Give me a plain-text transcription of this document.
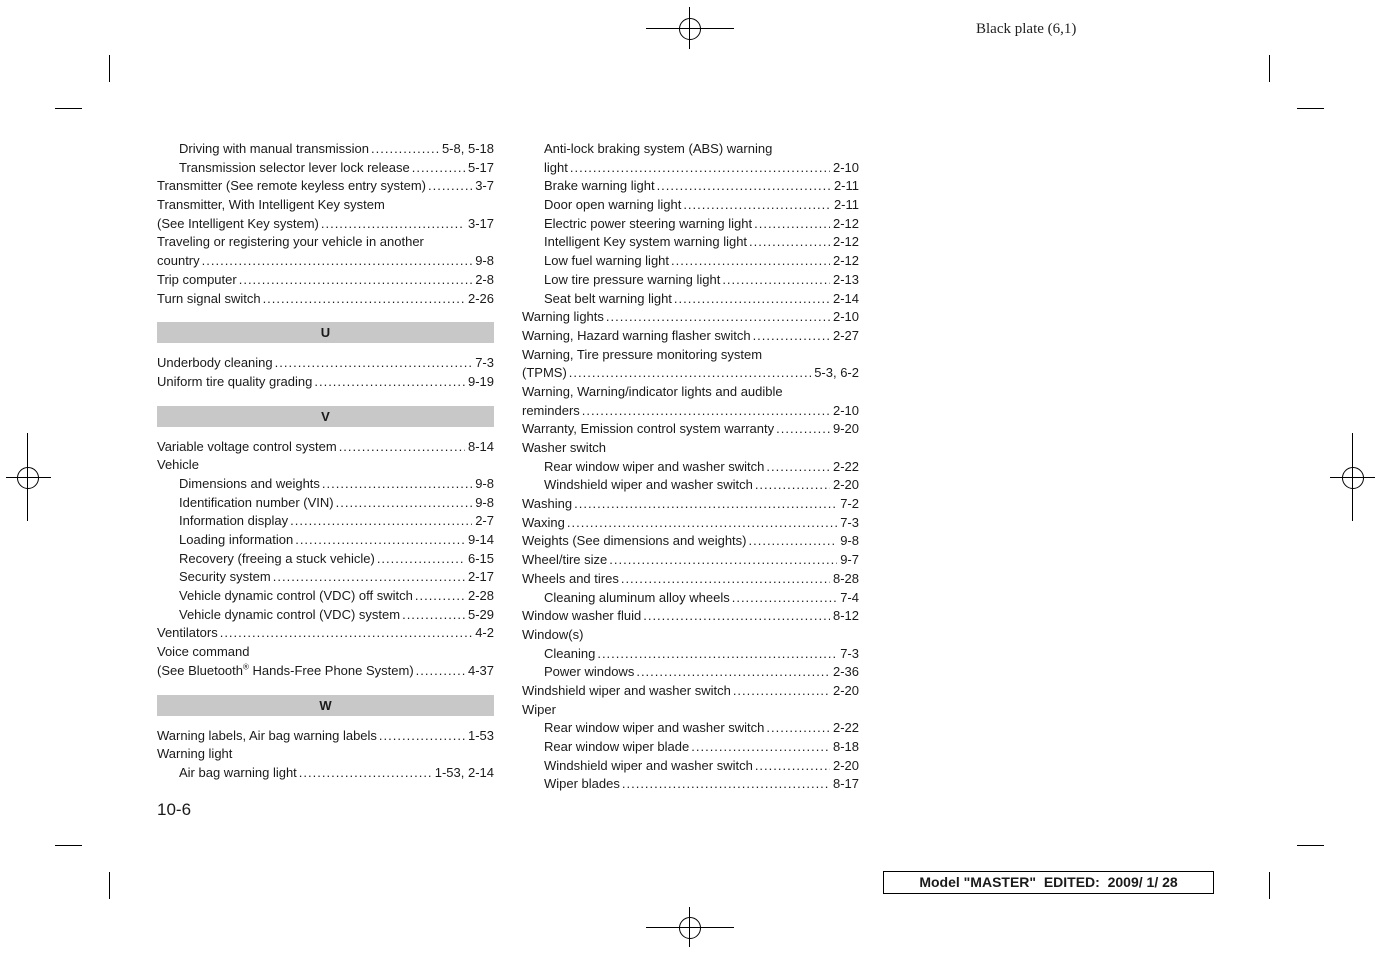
Black plate (6,1)
Driving with manual transmission .....	5-8, 5-18
Transmission selector lever lock release .....	5-17
Transmitter (See remote keyless entry system) .....	3-7
Transmitter, With Intelligent Key system
(See Intelligent Key system) .....	3-17
Traveling or registering your vehicle in another
country .....	9-8
Trip computer .....	2-8
Turn signal switch .....	2-26
U
Underbody cleaning .....	7-3
Uniform tire quality grading .....	9-19
V
Variable voltage control system .....	8-14
Vehicle
Dimensions and weights .....	9-8
Identification number (VIN) .....	9-8
Information display .....	2-7
Loading information .....	9-14
Recovery (freeing a stuck vehicle) .....	6-15
Security system .....	2-17
Vehicle dynamic control (VDC) off switch .....	2-28
Vehicle dynamic control (VDC) system .....	5-29
Ventilators .....	4-2
Voice command
(See Bluetooth® Hands-Free Phone System) .....	4-37
W
Warning labels, Air bag warning labels .....	1-53
Warning light
Air bag warning light .....	1-53, 2-14
Anti-lock braking system (ABS) warning
light .....	2-10
Brake warning light .....	2-11
Door open warning light .....	2-11
Electric power steering warning light .....	2-12
Intelligent Key system warning light .....	2-12
Low fuel warning light .....	2-12
Low tire pressure warning light .....	2-13
Seat belt warning light .....	2-14
Warning lights .....	2-10
Warning, Hazard warning flasher switch .....	2-27
Warning, Tire pressure monitoring system
(TPMS) .....	5-3, 6-2
Warning, Warning/indicator lights and audible
reminders .....	2-10
Warranty, Emission control system warranty .....	9-20
Washer switch
Rear window wiper and washer switch .....	2-22
Windshield wiper and washer switch .....	2-20
Washing .....	7-2
Waxing .....	7-3
Weights (See dimensions and weights) .....	9-8
Wheel/tire size .....	9-7
Wheels and tires .....	8-28
Cleaning aluminum alloy wheels .....	7-4
Window washer fluid .....	8-12
Window(s)
Cleaning .....	7-3
Power windows .....	2-36
Windshield wiper and washer switch .....	2-20
Wiper
Rear window wiper and washer switch .....	2-22
Rear window wiper blade .....	8-18
Windshield wiper and washer switch .....	2-20
Wiper blades .....	8-17
10-6
Model "MASTER"  EDITED:  2009/ 1/ 28
